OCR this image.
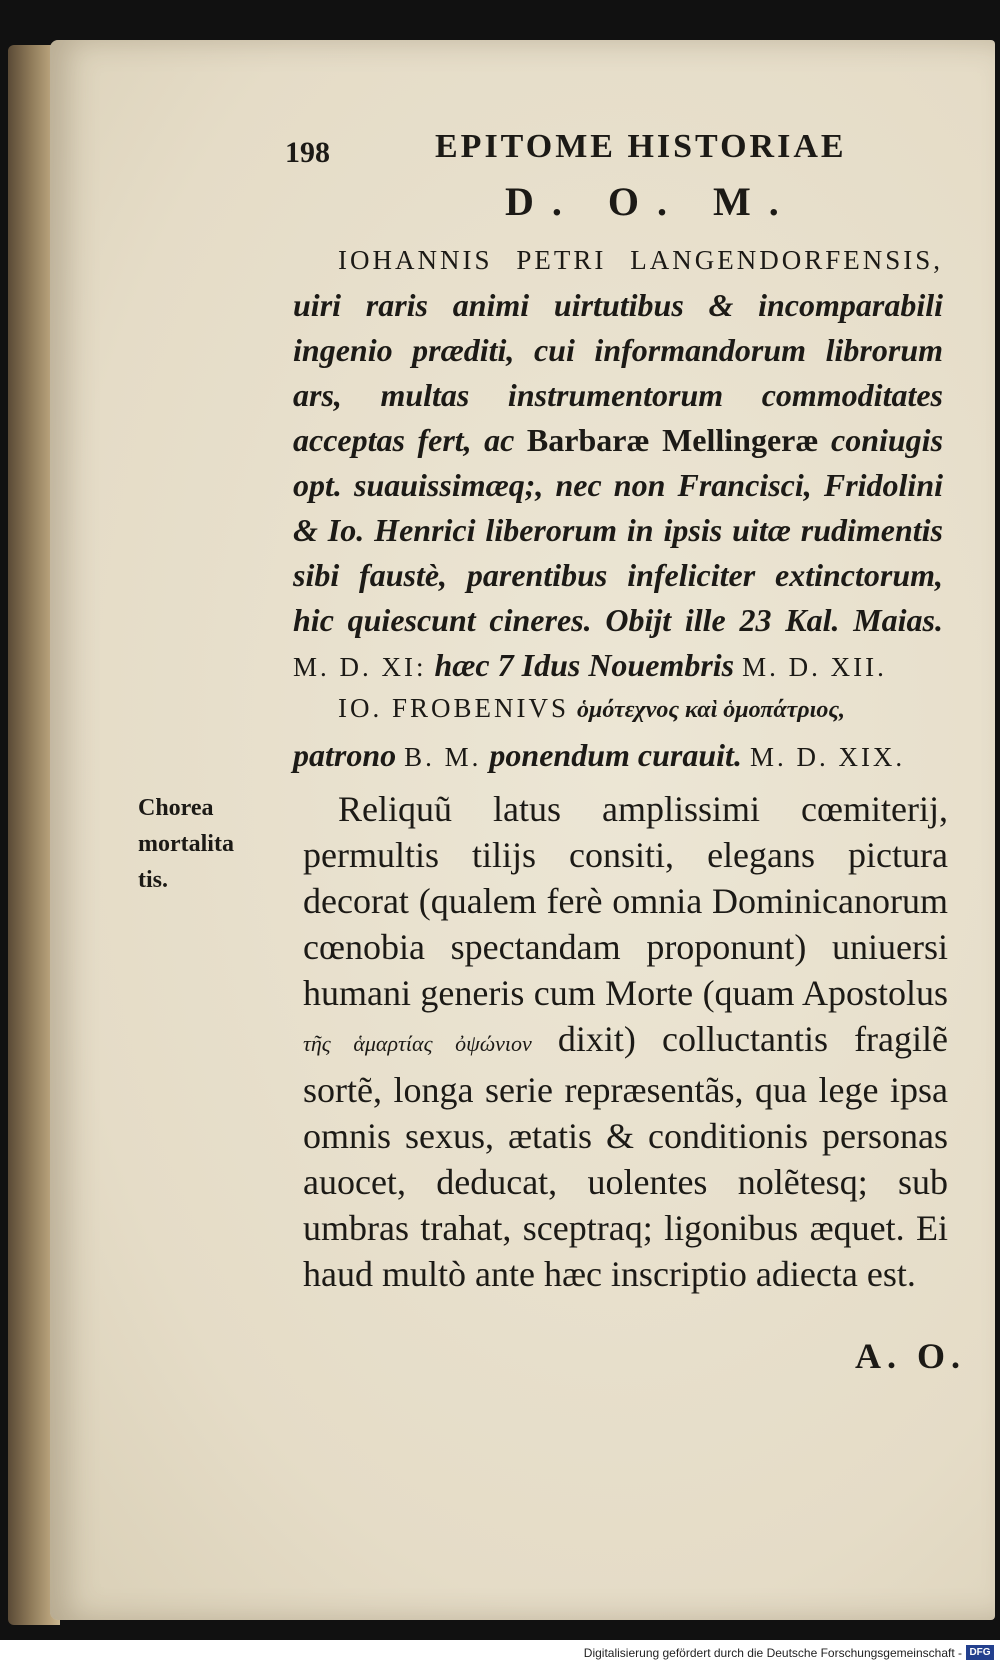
198	EPITOME HISTORIAE
D. O. M.
IOHANNIS PETRI LANGENDORFENSIS, uiri raris animi uirtutibus & incomparabili ingenio præditi, cui informandorum librorum ars, multas instrumentorum commoditates acceptas fert, ac Barbaræ Mellingeræ coniugis opt. suauissimæq;, nec non Francisci, Fridolini & Io. Henrici liberorum in ipsis uitæ rudimentis sibi faustè, parentibus infeliciter extinctorum, hic quiescunt cineres. Obijt ille 23 Kal. Maias. M. D. XI: hæc 7 Idus Nouembris M. D. XII.
IO. FROBENIVS ὁμότεχνος καὶ ὁμοπάτριος, patrono B. M. ponendum curauit. M. D. XIX.
Chorea
mortalita
tis.
Reliquũ latus amplissimi cœmiterij, permultis tilijs consiti, elegans pictura decorat (qualem ferè omnia Dominicanorum cœnobia spectandam proponunt) uniuersi humani generis cum Morte (quam Apostolus τῆς ἁμαρτίας ὀψώνιον dixit) colluctantis fragilẽ sortẽ, longa serie repræsentãs, qua lege ipsa omnis sexus, ætatis & conditionis personas auocet, deducat, uolentes nolẽtesq; sub umbras trahat, sceptraq; ligonibus æquet. Ei haud multò ante hæc inscriptio adiecta est.
A. O.
Digitalisierung gefördert durch die Deutsche Forschungsgemeinschaft - DFG
